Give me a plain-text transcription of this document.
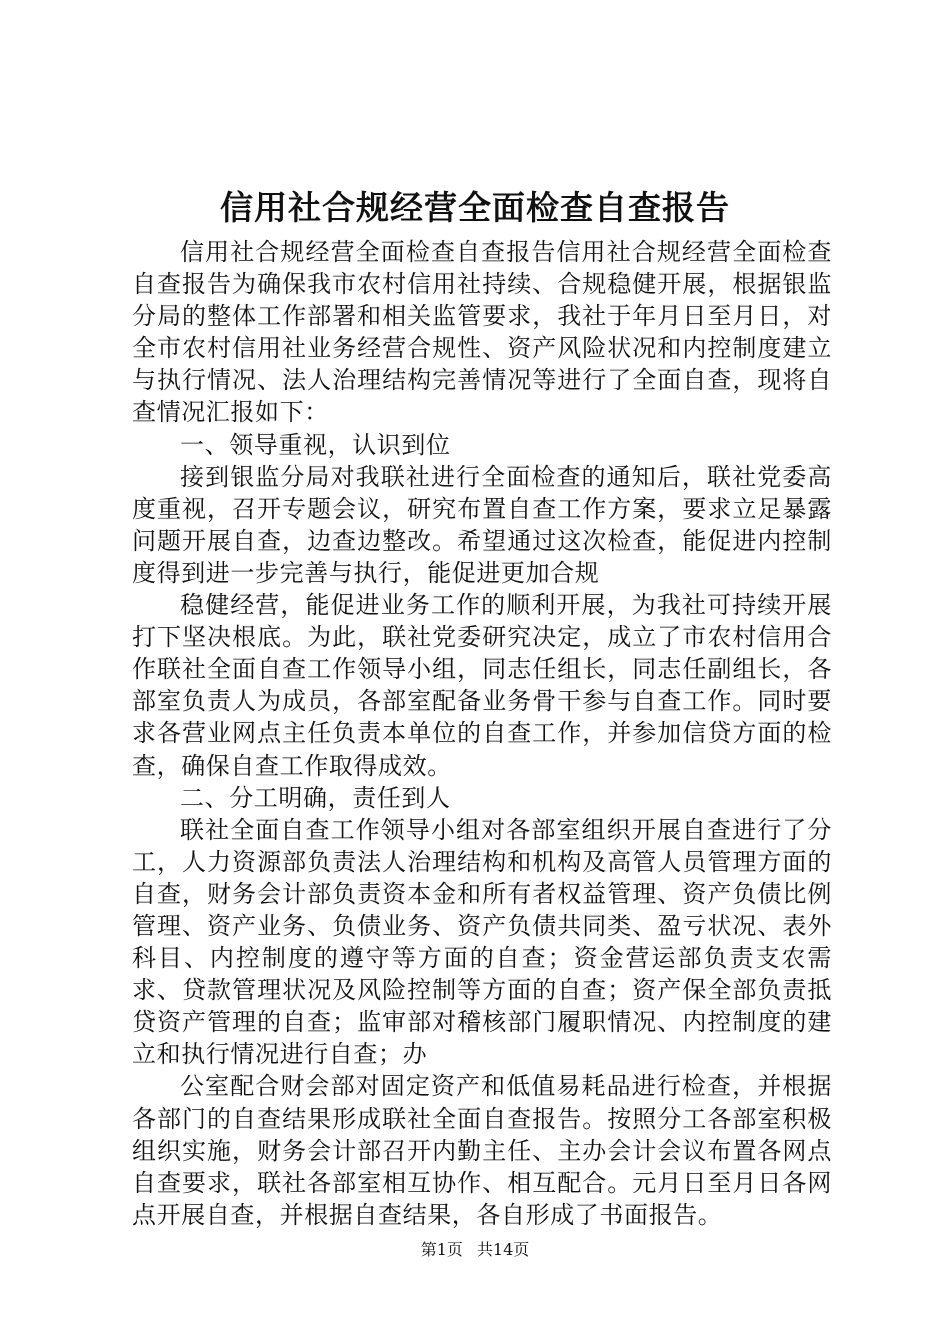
信用社合规经营全面检查自查报告

信用社合规经营全面检查自查报告信用社合规经营全面检查自查报告为确保我市农村信用社持续、合规稳健开展，根据银监分局的整体工作部署和相关监管要求，我社于年月日至月日，对全市农村信用社业务经营合规性、资产风险状况和内控制度建立与执行情况、法人治理结构完善情况等进行了全面自查，现将自查情况汇报如下：

一、领导重视，认识到位

接到银监分局对我联社进行全面检查的通知后，联社党委高度重视，召开专题会议，研究布置自查工作方案，要求立足暴露问题开展自查，边查边整改。希望通过这次检查，能促进内控制度得到进一步完善与执行，能促进更加合规

稳健经营，能促进业务工作的顺利开展，为我社可持续开展打下坚决根底。为此，联社党委研究决定，成立了市农村信用合作联社全面自查工作领导小组，同志任组长，同志任副组长，各部室负责人为成员，各部室配备业务骨干参与自查工作。同时要求各营业网点主任负责本单位的自查工作，并参加信贷方面的检查，确保自查工作取得成效。

二、分工明确，责任到人

联社全面自查工作领导小组对各部室组织开展自查进行了分工，人力资源部负责法人治理结构和机构及高管人员管理方面的自查，财务会计部负责资本金和所有者权益管理、资产负债比例管理、资产业务、负债业务、资产负债共同类、盈亏状况、表外科目、内控制度的遵守等方面的自查；资金营运部负责支农需求、贷款管理状况及风险控制等方面的自查；资产保全部负责抵贷资产管理的自查；监审部对稽核部门履职情况、内控制度的建立和执行情况进行自查；办

公室配合财会部对固定资产和低值易耗品进行检查，并根据各部门的自查结果形成联社全面自查报告。按照分工各部室积极组织实施，财务会计部召开内勤主任、主办会计会议布置各网点自查要求，联社各部室相互协作、相互配合。元月日至月日各网点开展自查，并根据自查结果，各自形成了书面报告。

第1页 共14页
